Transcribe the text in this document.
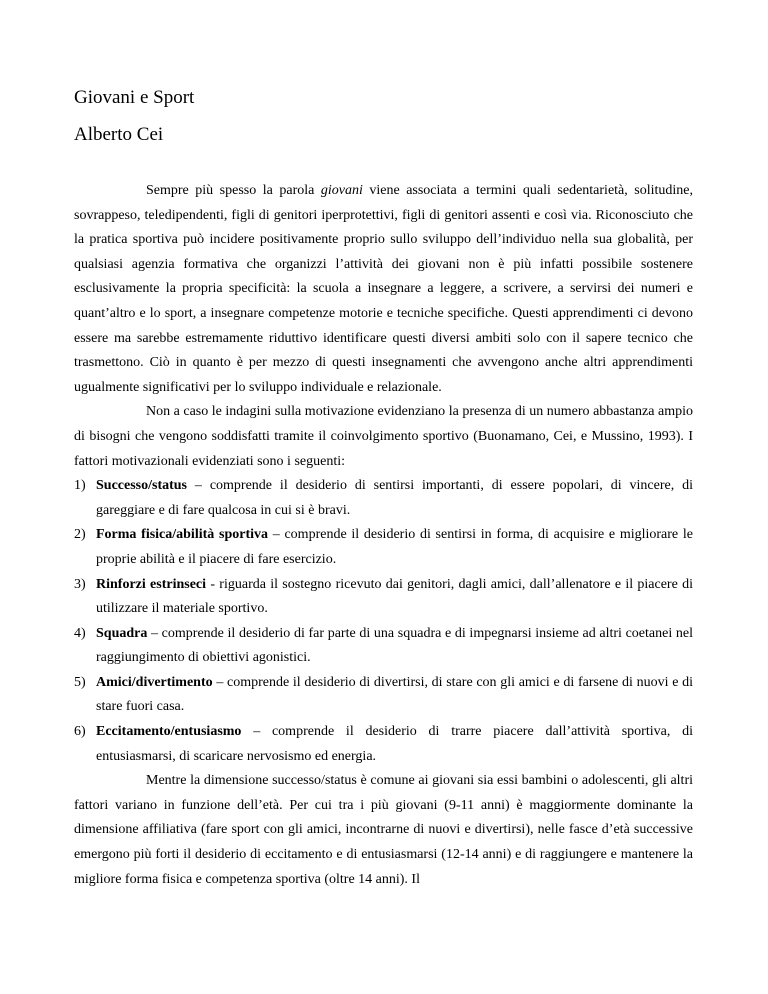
Giovani e Sport
Alberto Cei

Sempre più spesso la parola giovani viene associata a termini quali sedentarietà, solitudine, sovrappeso, teledipendenti, figli di genitori iperprotettivi, figli di genitori assenti e così via. Riconosciuto che la pratica sportiva può incidere positivamente proprio sullo sviluppo dell’individuo nella sua globalità, per qualsiasi agenzia formativa che organizzi l’attività dei giovani non è più infatti possibile sostenere esclusivamente la propria specificità: la scuola a insegnare a leggere, a scrivere, a servirsi dei numeri e quant’altro e lo sport, a insegnare competenze motorie e tecniche specifiche. Questi apprendimenti ci devono essere ma sarebbe estremamente riduttivo identificare questi diversi ambiti solo con il sapere tecnico che trasmettono. Ciò in quanto è per mezzo di questi insegnamenti che avvengono anche altri apprendimenti ugualmente significativi per lo sviluppo individuale e relazionale.

Non a caso le indagini sulla motivazione evidenziano la presenza di un numero abbastanza ampio di bisogni che vengono soddisfatti tramite il coinvolgimento sportivo (Buonamano, Cei, e Mussino, 1993). I fattori motivazionali evidenziati sono i seguenti:

1) Successo/status – comprende il desiderio di sentirsi importanti, di essere popolari, di vincere, di gareggiare e di fare qualcosa in cui si è bravi.
2) Forma fisica/abilità sportiva – comprende il desiderio di sentirsi in forma, di acquisire e migliorare le proprie abilità e il piacere di fare esercizio.
3) Rinforzi estrinseci - riguarda il sostegno ricevuto dai genitori, dagli amici, dall’allenatore e il piacere di utilizzare il materiale sportivo.
4) Squadra – comprende il desiderio di far parte di una squadra e di impegnarsi insieme ad altri coetanei nel raggiungimento di obiettivi agonistici.
5) Amici/divertimento – comprende il desiderio di divertirsi, di stare con gli amici e di farsene di nuovi e di stare fuori casa.
6) Eccitamento/entusiasmo – comprende il desiderio di trarre piacere dall’attività sportiva, di entusiasmarsi, di scaricare nervosismo ed energia.

Mentre la dimensione successo/status è comune ai giovani sia essi bambini o adolescenti, gli altri fattori variano in funzione dell’età. Per cui tra i più giovani (9-11 anni) è maggiormente dominante la dimensione affiliativa (fare sport con gli amici, incontrarne di nuovi e divertirsi), nelle fasce d’età successive emergono più forti il desiderio di eccitamento e di entusiasmarsi (12-14 anni) e di raggiungere e mantenere la migliore forma fisica e competenza sportiva (oltre 14 anni). Il
